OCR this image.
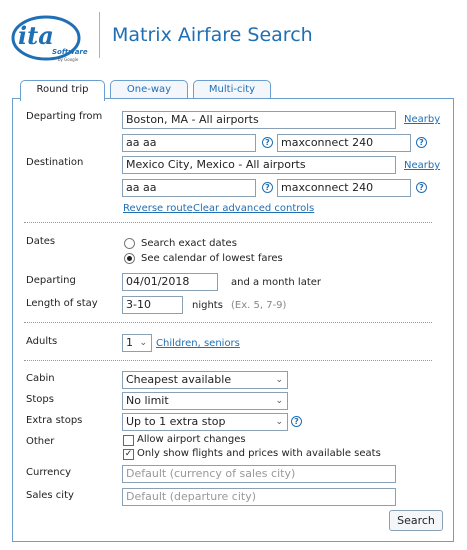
ita
Software
by Google
Matrix Airfare Search
Round trip	One-way	Multi-city
Departing from	Boston, MA - All airports	Nearby
aa aa	?	maxconnect 240	?
Destination	Mexico City, Mexico - All airports	Nearby
aa aa	?	maxconnect 240	?
Reverse route Clear advanced controls
Dates	Search exact dates
See calendar of lowest fares
Departing	04/01/2018	and a month later
Length of stay	3-10	nights (Ex. 5, 7-9)
Adults	1 ⌄ Children, seniors
Cabin	Cheapest available	⌄
Stops	No limit	⌄
Extra stops	Up to 1 extra stop	⌄	?
Other	Allow airport changes
✓ Only show flights and prices with available seats
Currency	Default (currency of sales city)
Sales city	Default (departure city)
Search
